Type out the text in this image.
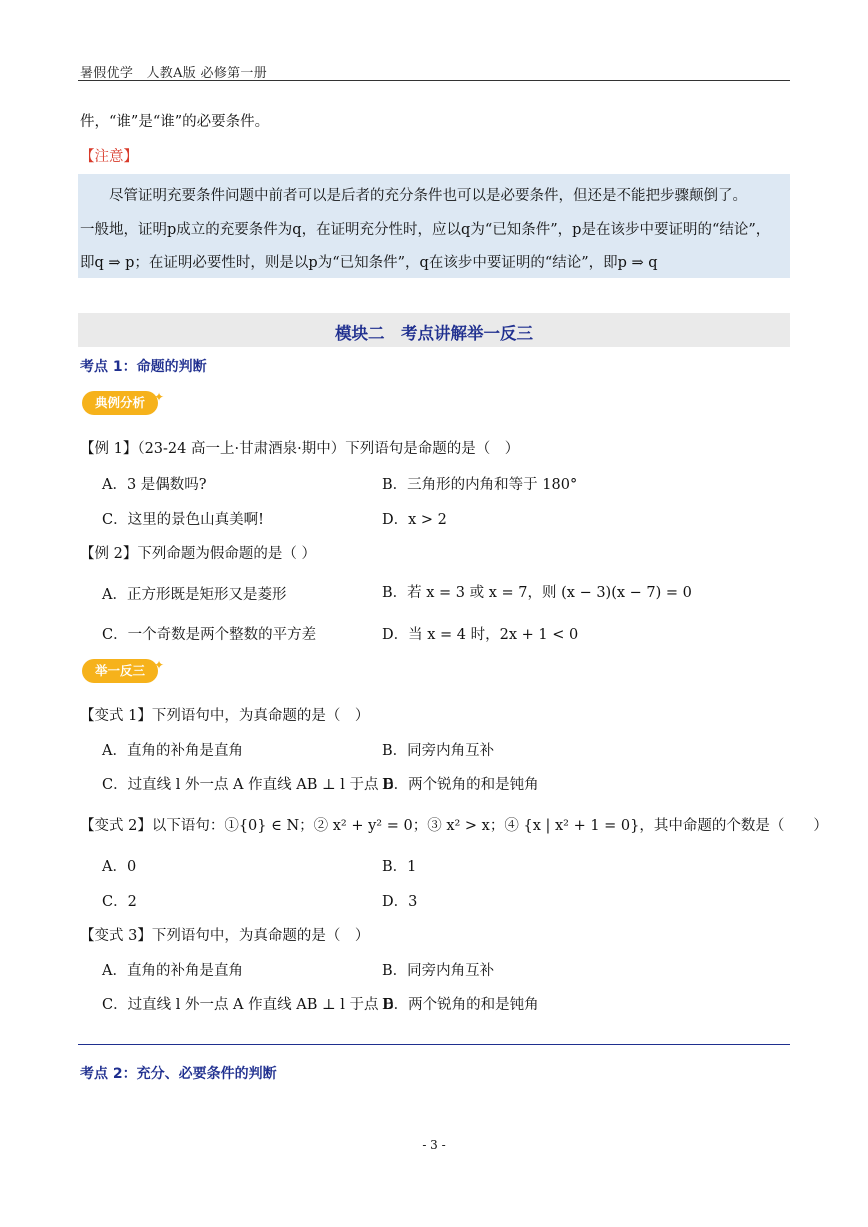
暑假优学　人教A版 必修第一册
件，“谁”是“谁”的必要条件。
【注意】
尽管证明充要条件问题中前者可以是后者的充分条件也可以是必要条件，但还是不能把步骤颠倒了。
一般地，证明p成立的充要条件为q，在证明充分性时，应以q为“已知条件”，p是在该步中要证明的“结论”，
即q ⇒ p；在证明必要性时，则是以p为“已知条件”，q在该步中要证明的“结论”，即p ⇒ q
模块二　考点讲解举一反三
考点 1：命题的判断
典例分析 ✦
【例 1】（23-24 高一上·甘肃酒泉·期中）下列语句是命题的是（　）
A．3 是偶数吗?	B．三角形的内角和等于 180°
C．这里的景色山真美啊!	D．x > 2
【例 2】下列命题为假命题的是（ ）
A．正方形既是矩形又是菱形	B．若 x = 3 或 x = 7，则 (x − 3)(x − 7) = 0
C．一个奇数是两个整数的平方差	D．当 x = 4 时，2x + 1 < 0
举一反三 ✦
【变式 1】下列语句中，为真命题的是（　）
A．直角的补角是直角	B．同旁内角互补
C．过直线 l 外一点 A 作直线 AB ⊥ l 于点 B
D．两个锐角的和是钝角
【变式 2】以下语句：①{0} ∈ N；② x² + y² = 0；③ x² > x；④ {x | x² + 1 = 0}，其中命题的个数是（　　）
A．0	B．1
C．2	D．3
【变式 3】下列语句中，为真命题的是（　）
A．直角的补角是直角	B．同旁内角互补
C．过直线 l 外一点 A 作直线 AB ⊥ l 于点 B
D．两个锐角的和是钝角
考点 2：充分、必要条件的判断
- 3 -
